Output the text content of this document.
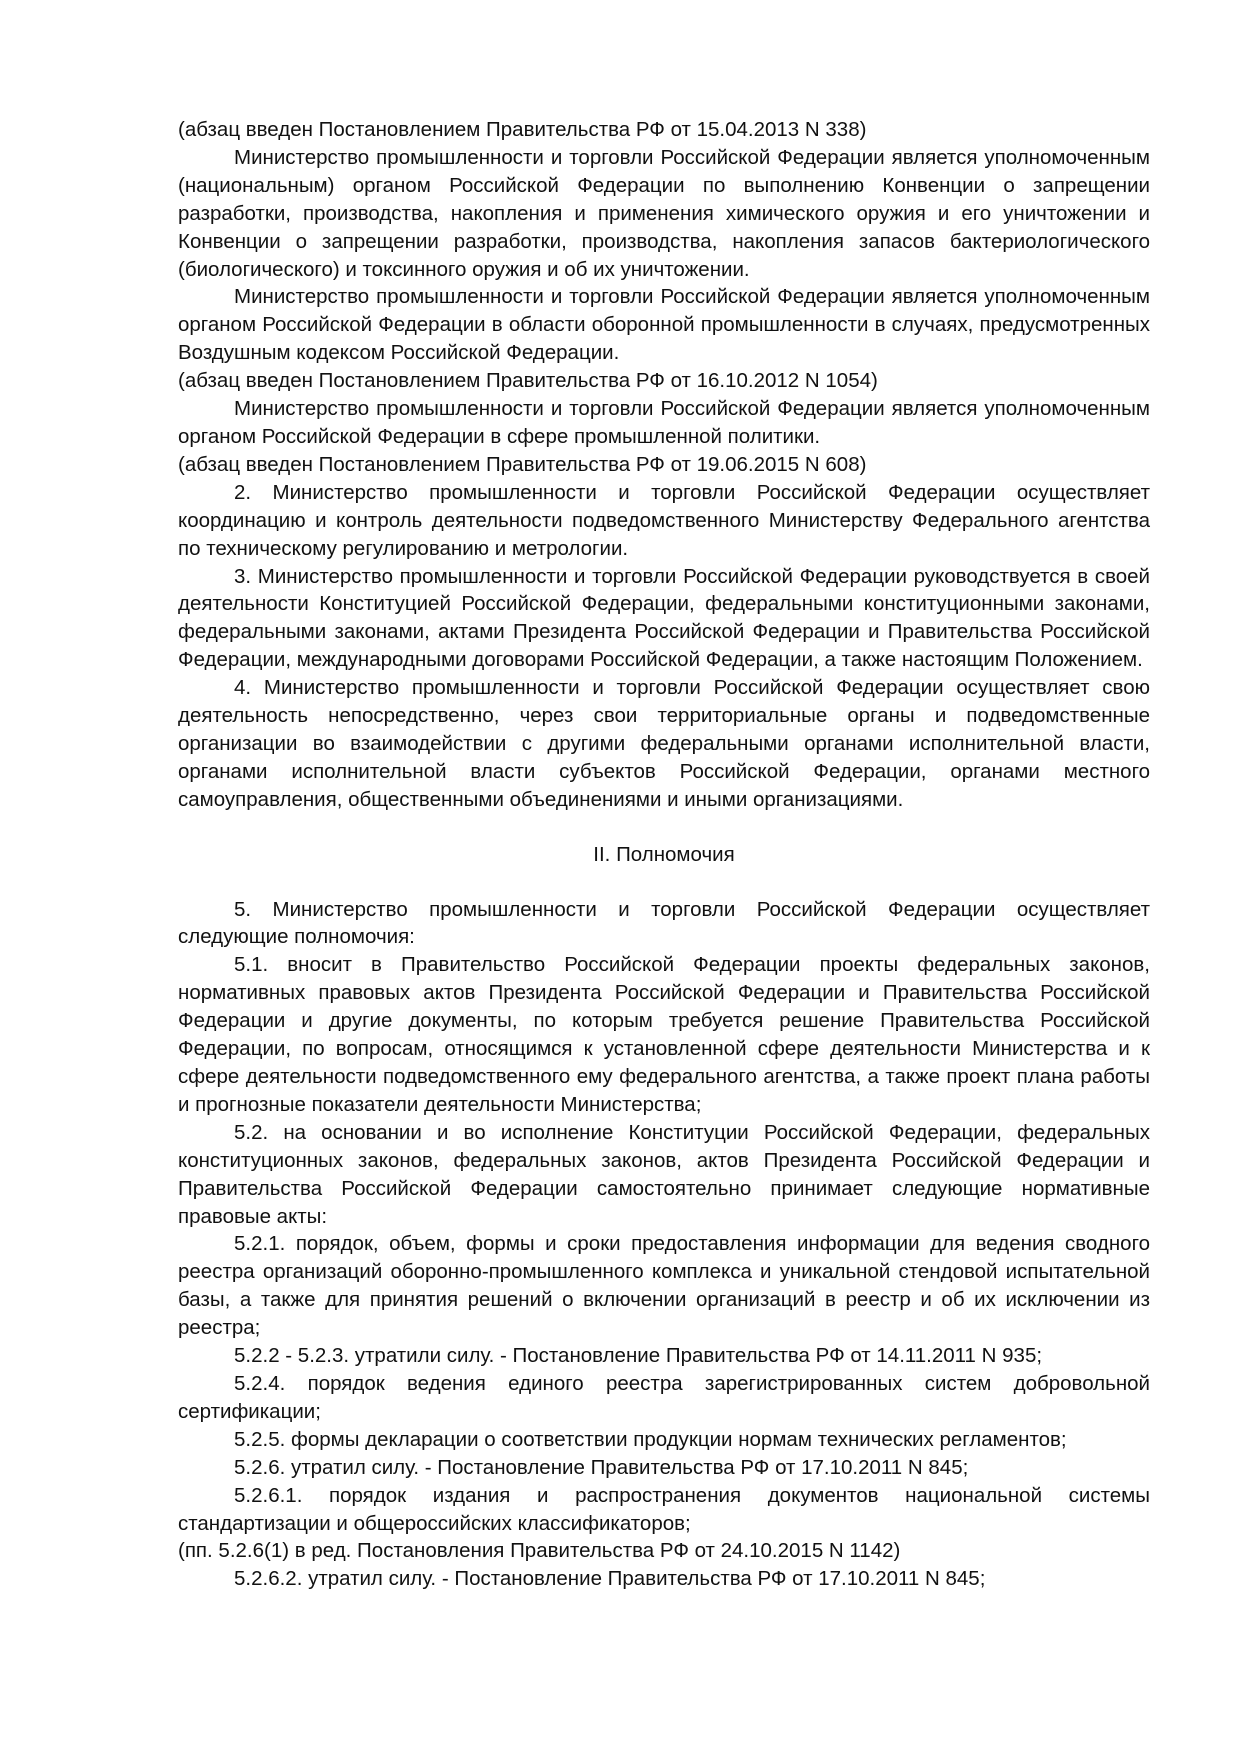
(абзац введен Постановлением Правительства РФ от 15.04.2013 N 338)

Министерство промышленности и торговли Российской Федерации является уполномоченным (национальным) органом Российской Федерации по выполнению Конвенции о запрещении разработки, производства, накопления и применения химического оружия и его уничтожении и Конвенции о запрещении разработки, производства, накопления запасов бактериологического (биологического) и токсинного оружия и об их уничтожении.

Министерство промышленности и торговли Российской Федерации является уполномоченным органом Российской Федерации в области оборонной промышленности в случаях, предусмотренных Воздушным кодексом Российской Федерации.

(абзац введен Постановлением Правительства РФ от 16.10.2012 N 1054)

Министерство промышленности и торговли Российской Федерации является уполномоченным органом Российской Федерации в сфере промышленной политики.

(абзац введен Постановлением Правительства РФ от 19.06.2015 N 608)

2. Министерство промышленности и торговли Российской Федерации осуществляет координацию и контроль деятельности подведомственного Министерству Федерального агентства по техническому регулированию и метрологии.

3. Министерство промышленности и торговли Российской Федерации руководствуется в своей деятельности Конституцией Российской Федерации, федеральными конституционными законами, федеральными законами, актами Президента Российской Федерации и Правительства Российской Федерации, международными договорами Российской Федерации, а также настоящим Положением.

4. Министерство промышленности и торговли Российской Федерации осуществляет свою деятельность непосредственно, через свои территориальные органы и подведомственные организации во взаимодействии с другими федеральными органами исполнительной власти, органами исполнительной власти субъектов Российской Федерации, органами местного самоуправления, общественными объединениями и иными организациями.

II. Полномочия

5. Министерство промышленности и торговли Российской Федерации осуществляет следующие полномочия:

5.1. вносит в Правительство Российской Федерации проекты федеральных законов, нормативных правовых актов Президента Российской Федерации и Правительства Российской Федерации и другие документы, по которым требуется решение Правительства Российской Федерации, по вопросам, относящимся к установленной сфере деятельности Министерства и к сфере деятельности подведомственного ему федерального агентства, а также проект плана работы и прогнозные показатели деятельности Министерства;

5.2. на основании и во исполнение Конституции Российской Федерации, федеральных конституционных законов, федеральных законов, актов Президента Российской Федерации и Правительства Российской Федерации самостоятельно принимает следующие нормативные правовые акты:

5.2.1. порядок, объем, формы и сроки предоставления информации для ведения сводного реестра организаций оборонно-промышленного комплекса и уникальной стендовой испытательной базы, а также для принятия решений о включении организаций в реестр и об их исключении из реестра;

5.2.2 - 5.2.3. утратили силу. - Постановление Правительства РФ от 14.11.2011 N 935;

5.2.4. порядок ведения единого реестра зарегистрированных систем добровольной сертификации;

5.2.5. формы декларации о соответствии продукции нормам технических регламентов;

5.2.6. утратил силу. - Постановление Правительства РФ от 17.10.2011 N 845;

5.2.6.1. порядок издания и распространения документов национальной системы стандартизации и общероссийских классификаторов;

(пп. 5.2.6(1) в ред. Постановления Правительства РФ от 24.10.2015 N 1142)

5.2.6.2. утратил силу. - Постановление Правительства РФ от 17.10.2011 N 845;
